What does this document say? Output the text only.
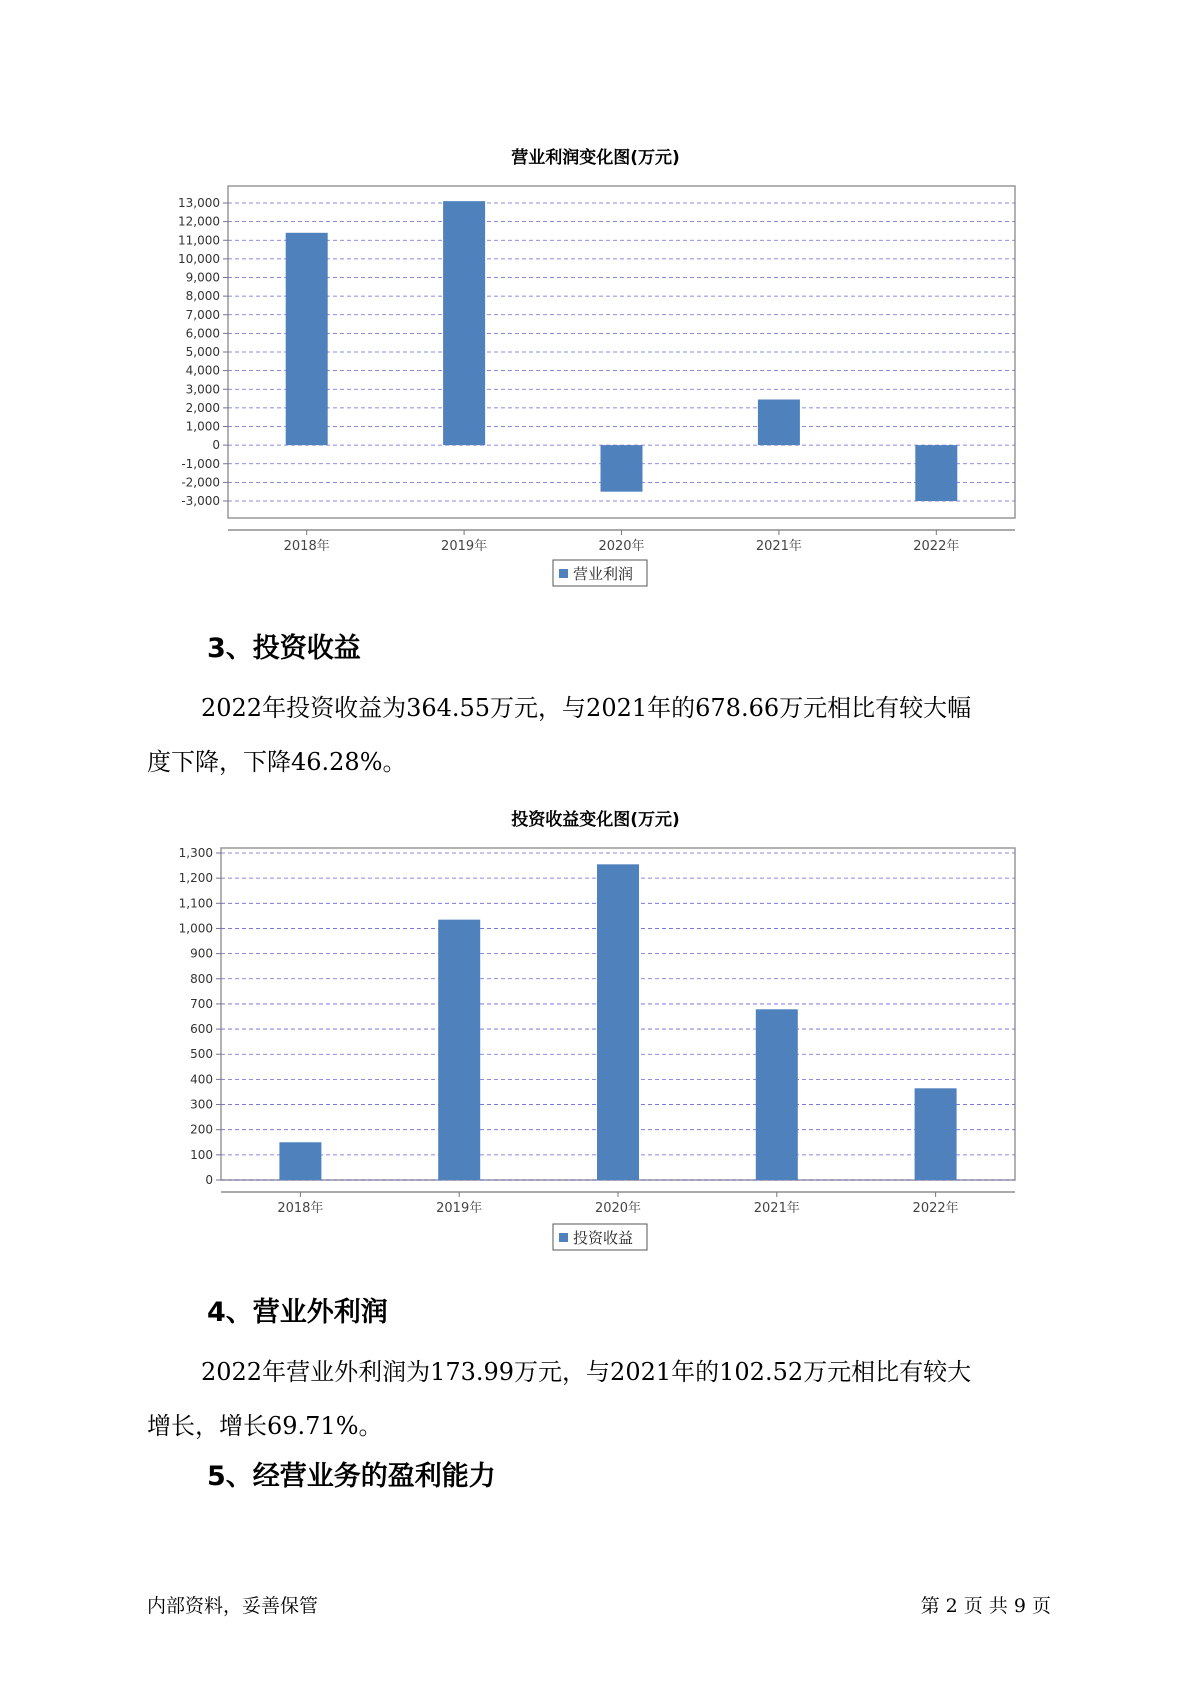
营业利润变化图(万元)
13,000
12,000
11,000
10,000
9,000
8,000
7,000
6,000
5,000
4,000
3,000
2,000
1,000
0
-1,000
-2,000
-3,000
2018年	2019年	2020年	2021年	2022年
营业利润
3、投资收益
2022年投资收益为364.55万元，与2021年的678.66万元相比有较大幅
度下降，下降46.28%。
投资收益变化图(万元)
1,300
1,200
1,100
1,000
900
800
700
600
500
400
300
200
100
0
2018年	2019年	2020年	2021年	2022年
投资收益
4、营业外利润
2022年营业外利润为173.99万元，与2021年的102.52万元相比有较大
增长，增长69.71%。
5、经营业务的盈利能力
内部资料，妥善保管	第 2 页 共 9 页
